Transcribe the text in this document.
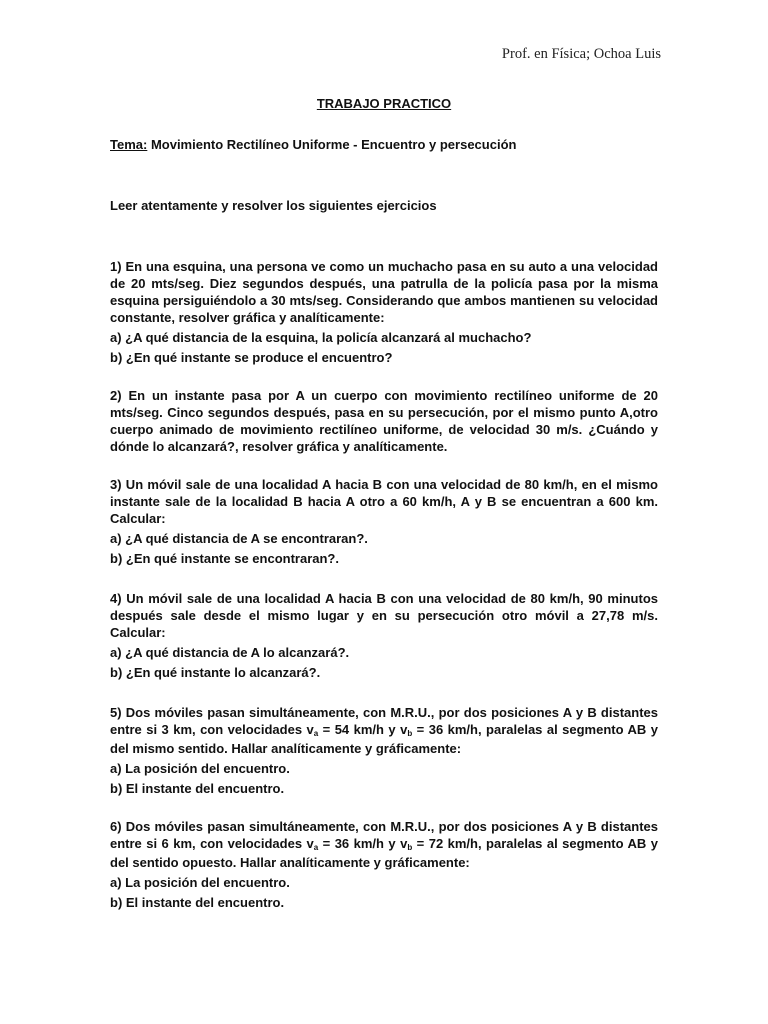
Prof. en Física; Ochoa Luis
TRABAJO PRACTICO
Tema: Movimiento Rectilíneo Uniforme - Encuentro y persecución
Leer atentamente y resolver los siguientes ejercicios
1) En una esquina, una persona ve como un muchacho pasa en su auto a una velocidad de 20 mts/seg. Diez segundos después, una patrulla de la policía pasa por la misma esquina persiguiéndolo a 30 mts/seg. Considerando que ambos mantienen su velocidad constante, resolver gráfica y analíticamente:
a) ¿A qué distancia de la esquina, la policía alcanzará al muchacho?
b) ¿En qué instante se produce el encuentro?
2) En un instante pasa por A un cuerpo con movimiento rectilíneo uniforme de 20 mts/seg. Cinco segundos después, pasa en su persecución, por el mismo punto A,otro cuerpo animado de movimiento rectilíneo uniforme, de velocidad 30 m/s. ¿Cuándo y dónde lo alcanzará?, resolver gráfica y analíticamente.
3) Un móvil sale de una localidad A hacia B con una velocidad de 80 km/h, en el mismo instante sale de la localidad B hacia A otro a 60 km/h, A y B se encuentran a 600 km. Calcular:
a) ¿A qué distancia de A se encontraran?.
b) ¿En qué instante se encontraran?.
4) Un móvil sale de una localidad A hacia B con una velocidad de 80 km/h, 90 minutos después sale desde el mismo lugar y en su persecución otro móvil a 27,78 m/s. Calcular:
a) ¿A qué distancia de A lo alcanzará?.
b) ¿En qué instante lo alcanzará?.
5) Dos móviles pasan simultáneamente, con M.R.U., por dos posiciones A y B distantes entre si 3 km, con velocidades $v_a = 54$ km/h y $v_b = 36$ km/h, paralelas al segmento AB y del mismo sentido. Hallar analíticamente y gráficamente:
a) La posición del encuentro.
b) El instante del encuentro.
6) Dos móviles pasan simultáneamente, con M.R.U., por dos posiciones A y B distantes entre si 6 km, con velocidades $v_a = 36$ km/h y $v_b = 72$ km/h, paralelas al segmento AB y del sentido opuesto. Hallar analíticamente y gráficamente:
a) La posición del encuentro.
b) El instante del encuentro.
